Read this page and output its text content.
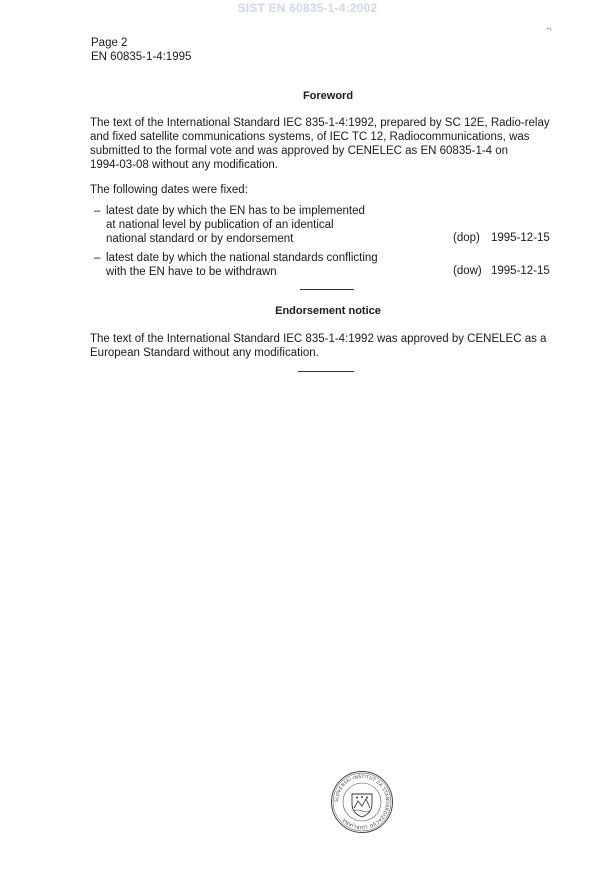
SIST EN 60835-1-4:2002
⁃›
Page 2
EN 60835-1-4:1995
Foreword
The text of the International Standard IEC 835-1-4:1992, prepared by SC 12E, Radio-relay
and fixed satellite communications systems, of IEC TC 12, Radiocommunications, was
submitted to the formal vote and was approved by CENELEC as EN 60835-1-4 on
1994-03-08 without any modification.
The following dates were fixed:
– latest date by which the EN has to be implemented
at national level by publication of an identical
national standard or by endorsement	(dop) 1995-12-15
– latest date by which the national standards conflicting
with the EN have to be withdrawn	(dow) 1995-12-15
Endorsement notice
The text of the International Standard IEC 835-1-4:1992 was approved by CENELEC as a
European Standard without any modification.
SLOVENSKI INŠTITUT ZA STANDARDIZACIJO LJUBLJANA
